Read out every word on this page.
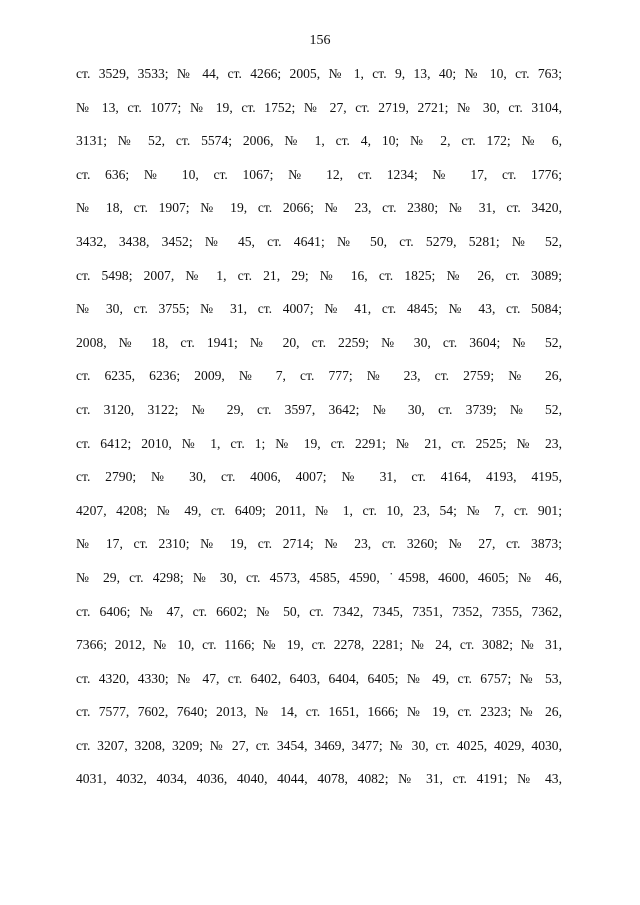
156
ст. 3529, 3533; № 44, ст. 4266; 2005, № 1, ст. 9, 13, 40; № 10, ст. 763;
№ 13, ст. 1077; № 19, ст. 1752; № 27, ст. 2719, 2721; № 30, ст. 3104,
3131; № 52, ст. 5574; 2006, № 1, ст. 4, 10; № 2, ст. 172; № 6,
ст. 636; № 10, ст. 1067; № 12, ст. 1234; № 17, ст. 1776;
№ 18, ст. 1907; № 19, ст. 2066; № 23, ст. 2380; № 31, ст. 3420,
3432, 3438, 3452; № 45, ст. 4641; № 50, ст. 5279, 5281; № 52,
ст. 5498; 2007, № 1, ст. 21, 29; № 16, ст. 1825; № 26, ст. 3089;
№ 30, ст. 3755; № 31, ст. 4007; № 41, ст. 4845; № 43, ст. 5084;
2008, № 18, ст. 1941; № 20, ст. 2259; № 30, ст. 3604; № 52,
ст. 6235, 6236; 2009, № 7, ст. 777; № 23, ст. 2759; № 26,
ст. 3120, 3122; № 29, ст. 3597, 3642; № 30, ст. 3739; № 52,
ст. 6412; 2010, № 1, ст. 1; № 19, ст. 2291; № 21, ст. 2525; № 23,
ст. 2790; № 30, ст. 4006, 4007; № 31, ст. 4164, 4193, 4195,
4207, 4208; № 49, ст. 6409; 2011, № 1, ст. 10, 23, 54; № 7, ст. 901;
№ 17, ст. 2310; № 19, ст. 2714; № 23, ст. 3260; № 27, ст. 3873;
№ 29, ст. 4298; № 30, ст. 4573, 4585, 4590, ˙4598, 4600, 4605; № 46,
ст. 6406; № 47, ст. 6602; № 50, ст. 7342, 7345, 7351, 7352, 7355, 7362,
7366; 2012, № 10, ст. 1166; № 19, ст. 2278, 2281; № 24, ст. 3082; № 31,
ст. 4320, 4330; № 47, ст. 6402, 6403, 6404, 6405; № 49, ст. 6757; № 53,
ст. 7577, 7602, 7640; 2013, № 14, ст. 1651, 1666; № 19, ст. 2323; № 26,
ст. 3207, 3208, 3209; № 27, ст. 3454, 3469, 3477; № 30, ст. 4025, 4029, 4030,
4031, 4032, 4034, 4036, 4040, 4044, 4078, 4082; № 31, ст. 4191; № 43,
